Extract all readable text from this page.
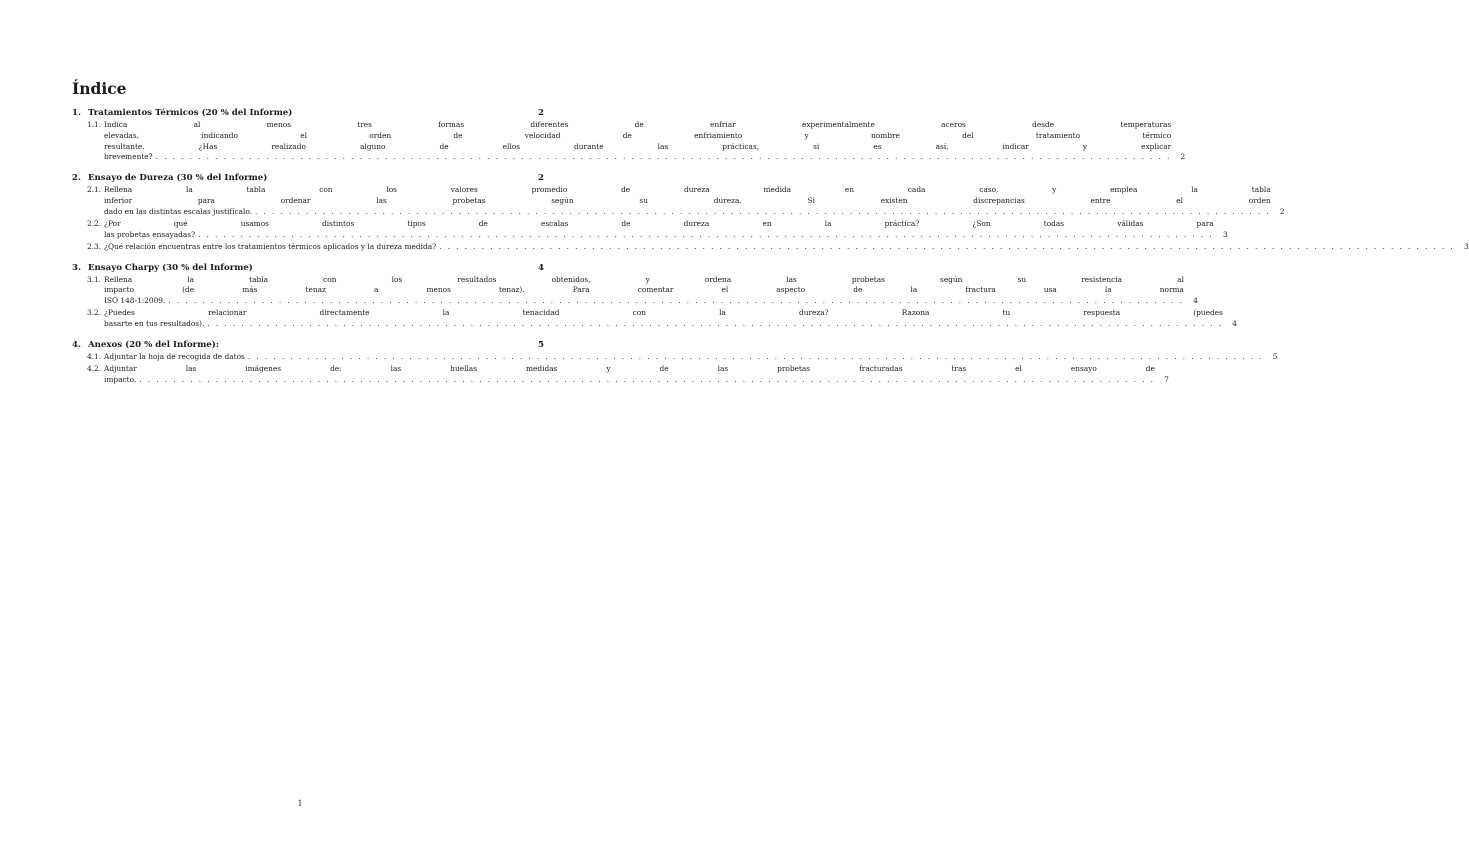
Índice
1. Tratamientos Térmicos (20 % del Informe)	2
1.1. Indica al menos tres formas diferentes de enfriar experimentalmente aceros desde temperaturas
elevadas, indicando el orden de velocidad de enfriamiento y nombre del tratamiento térmico
resultante. ¿Has realizado alguno de ellos durante las prácticas, si es así, indicar y explicar
brevemente? . . . . . . . . . . . . . . . . . . . . . . . . . . . . . . . . . . . . . . . . . . . . . . . . . . . . . . . . . . . . . . . . . . . . . . . . . . . . . . . . . . . . . . . . . . . . . . . . . . . . . . . . . . . . . . . . . . . . . . . .	2
2. Ensayo de Dureza (30 % del Informe)	2
2.1. Rellena la tabla con los valores promedio de dureza medida en cada caso, y emplea la tabla
inferior para ordenar las probetas según su dureza. Si existen discrepancias entre el orden
dado en las distintas escalas justifícalo. . . . . . . . . . . . . . . . . . . . . . . . . . . . . . . . . . . . . . . . . . . . . . . . . . . . . . . . . . . . . . . . . . . . . . . . . . . . . . . . . . . . . . . . . . . . . . . . . . . . . . . . . . . . . . . . . . . . . . . . .	2
2.2. ¿Por qué usamos distintos tipos de escalas de dureza en la práctica? ¿Son todas válidas para
las probetas ensayadas? . . . . . . . . . . . . . . . . . . . . . . . . . . . . . . . . . . . . . . . . . . . . . . . . . . . . . . . . . . . . . . . . . . . . . . . . . . . . . . . . . . . . . . . . . . . . . . . . . . . . . . . . . . . . . . . . . . . . . . . .	3
2.3. ¿Qué relación encuentras entre los tratamientos térmicos aplicados y la dureza medida? . . . . . . . . . . . . . . . . . . . . . . . . . . . . . . . . . . . . . . . . . . . . . . . . . . . . . . . . . . . . . . . . . . . . . . . . . . . . . . . . . . . . . . . . . . . . . . . . . . . . . . . . . . . . . . . . . . . . . . . .	3
3. Ensayo Charpy (30 % del Informe)	4
3.1. Rellena la tabla con los resultados obtenidos, y ordena las probetas según su resistencia al
impacto (de más tenaz a menos tenaz). Para comentar el aspecto de la fractura usa la norma
ISO 148-1:2009. . . . . . . . . . . . . . . . . . . . . . . . . . . . . . . . . . . . . . . . . . . . . . . . . . . . . . . . . . . . . . . . . . . . . . . . . . . . . . . . . . . . . . . . . . . . . . . . . . . . . . . . . . . . . . . . . . . . . . . . .	4
3.2. ¿Puedes relacionar directamente la tenacidad con la dureza? Razona tu respuesta (puedes
basarte en tus resultados). . . . . . . . . . . . . . . . . . . . . . . . . . . . . . . . . . . . . . . . . . . . . . . . . . . . . . . . . . . . . . . . . . . . . . . . . . . . . . . . . . . . . . . . . . . . . . . . . . . . . . . . . . . . . . . . . . . . . . . . .	4
4. Anexos (20 % del Informe):	5
4.1. Adjuntar la hoja de recogida de datos . . . . . . . . . . . . . . . . . . . . . . . . . . . . . . . . . . . . . . . . . . . . . . . . . . . . . . . . . . . . . . . . . . . . . . . . . . . . . . . . . . . . . . . . . . . . . . . . . . . . . . . . . . . . . . . . . . . . . . . .	5
4.2. Adjuntar las imágenes de: las huellas medidas y de las probetas fracturadas tras el ensayo de
impacto. . . . . . . . . . . . . . . . . . . . . . . . . . . . . . . . . . . . . . . . . . . . . . . . . . . . . . . . . . . . . . . . . . . . . . . . . . . . . . . . . . . . . . . . . . . . . . . . . . . . . . . . . . . . . . . . . . . . . . . . .	7
1
